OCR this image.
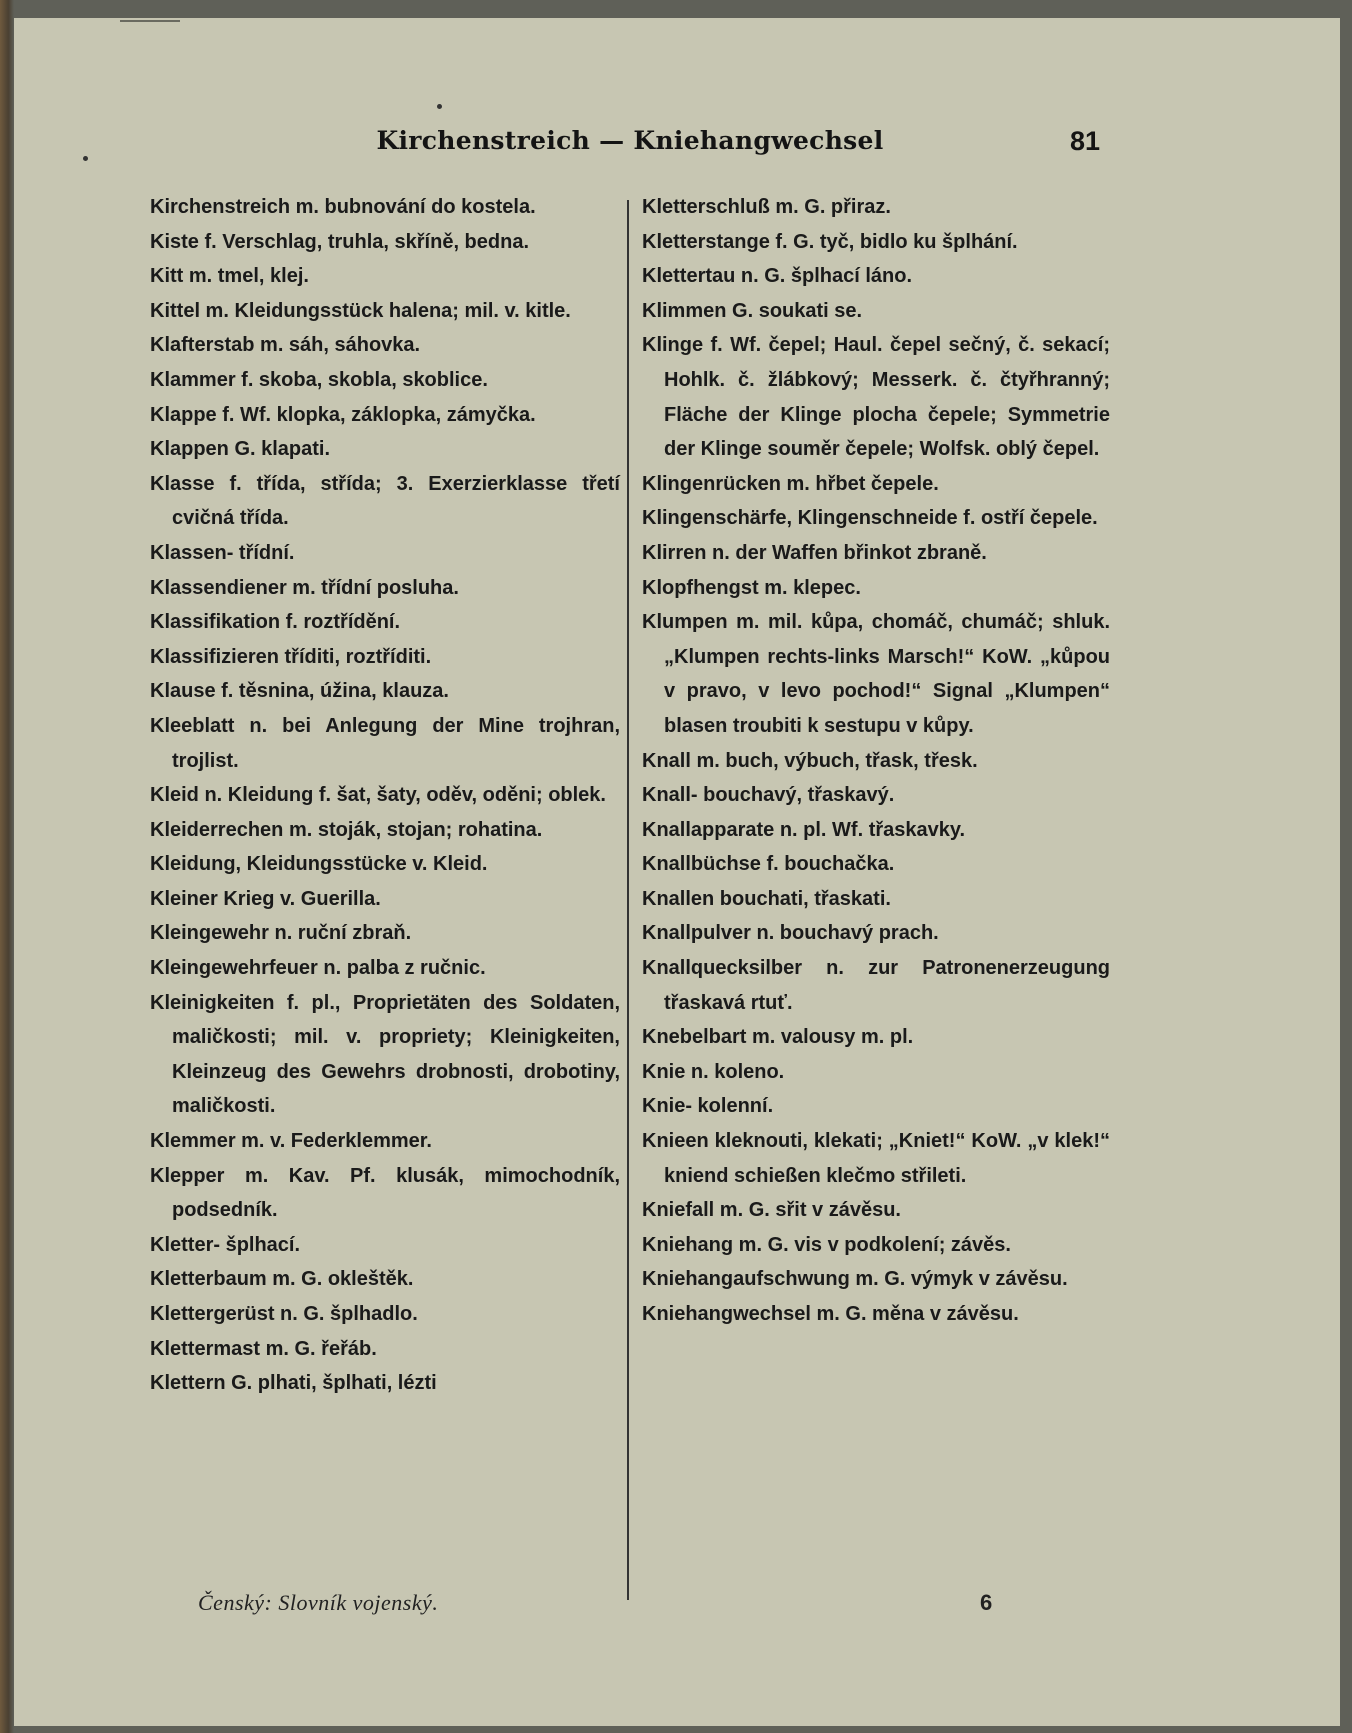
Kirchenstreich — Kniehangwechsel	81

Kirchenstreich m. bubnování do kostela.

Kiste f. Verschlag, truhla, skříně, bedna.

Kitt m. tmel, klej.

Kittel m. Kleidungsstück halena; mil. v. kitle.

Klafterstab m. sáh, sáhovka.

Klammer f. skoba, skobla, skoblice.

Klappe f. Wf. klopka, záklopka, zámyčka.

Klappen G. klapati.

Klasse f. třída, střída; 3. Exerzierklasse třetí cvičná třída.

Klassen- třídní.

Klassendiener m. třídní posluha.

Klassifikation f. roztřídění.

Klassifizieren tříditi, roztříditi.

Klause f. těsnina, úžina, klauza.

Kleeblatt n. bei Anlegung der Mine trojhran, trojlist.

Kleid n. Kleidung f. šat, šaty, oděv, oděni; oblek.

Kleiderrechen m. stoják, stojan; rohatina.

Kleidung, Kleidungsstücke v. Kleid.

Kleiner Krieg v. Guerilla.

Kleingewehr n. ruční zbraň.

Kleingewehrfeuer n. palba z ručnic.

Kleinigkeiten f. pl., Proprietäten des Soldaten, maličkosti; mil. v. propriety; Kleinigkeiten, Kleinzeug des Gewehrs drobnosti, drobotiny, maličkosti.

Klemmer m. v. Federklemmer.

Klepper m. Kav. Pf. klusák, mimochodník, podsedník.

Kletter- šplhací.

Kletterbaum m. G. okleštěk.

Klettergerüst n. G. šplhadlo.

Klettermast m. G. řeřáb.

Klettern G. plhati, šplhati, lézti

Kletterschluß m. G. přiraz.

Kletterstange f. G. tyč, bidlo ku šplhání.

Klettertau n. G. šplhací láno.

Klimmen G. soukati se.

Klinge f. Wf. čepel; Haul. čepel sečný, č. sekací; Hohlk. č. žlábkový; Messerk. č. čtyřhranný; Fläche der Klinge plocha čepele; Symmetrie der Klinge souměr čepele; Wolfsk. oblý čepel.

Klingenrücken m. hřbet čepele.

Klingenschärfe, Klingenschneide f. ostří čepele.

Klirren n. der Waffen břinkot zbraně.

Klopfhengst m. klepec.

Klumpen m. mil. kůpa, chomáč, chumáč; shluk. „Klumpen rechts-links Marsch!“ KoW. „kůpou v pravo, v levo pochod!“ Signal „Klumpen“ blasen troubiti k sestupu v kůpy.

Knall m. buch, výbuch, třask, třesk.

Knall- bouchavý, třaskavý.

Knallapparate n. pl. Wf. třaskavky.

Knallbüchse f. bouchačka.

Knallen bouchati, třaskati.

Knallpulver n. bouchavý prach.

Knallquecksilber n. zur Patronenerzeugung třaskavá rtuť.

Knebelbart m. valousy m. pl.

Knie n. koleno.

Knie- kolenní.

Knieen kleknouti, klekati; „Kniet!“ KoW. „v klek!“ kniend schießen klečmo střileti.

Kniefall m. G. sřit v závěsu.

Kniehang m. G. vis v podkolení; závěs.

Kniehangaufschwung m. G. výmyk v závěsu.

Kniehangwechsel m. G. měna v závěsu.

Čenský: Slovník vojenský.	6
